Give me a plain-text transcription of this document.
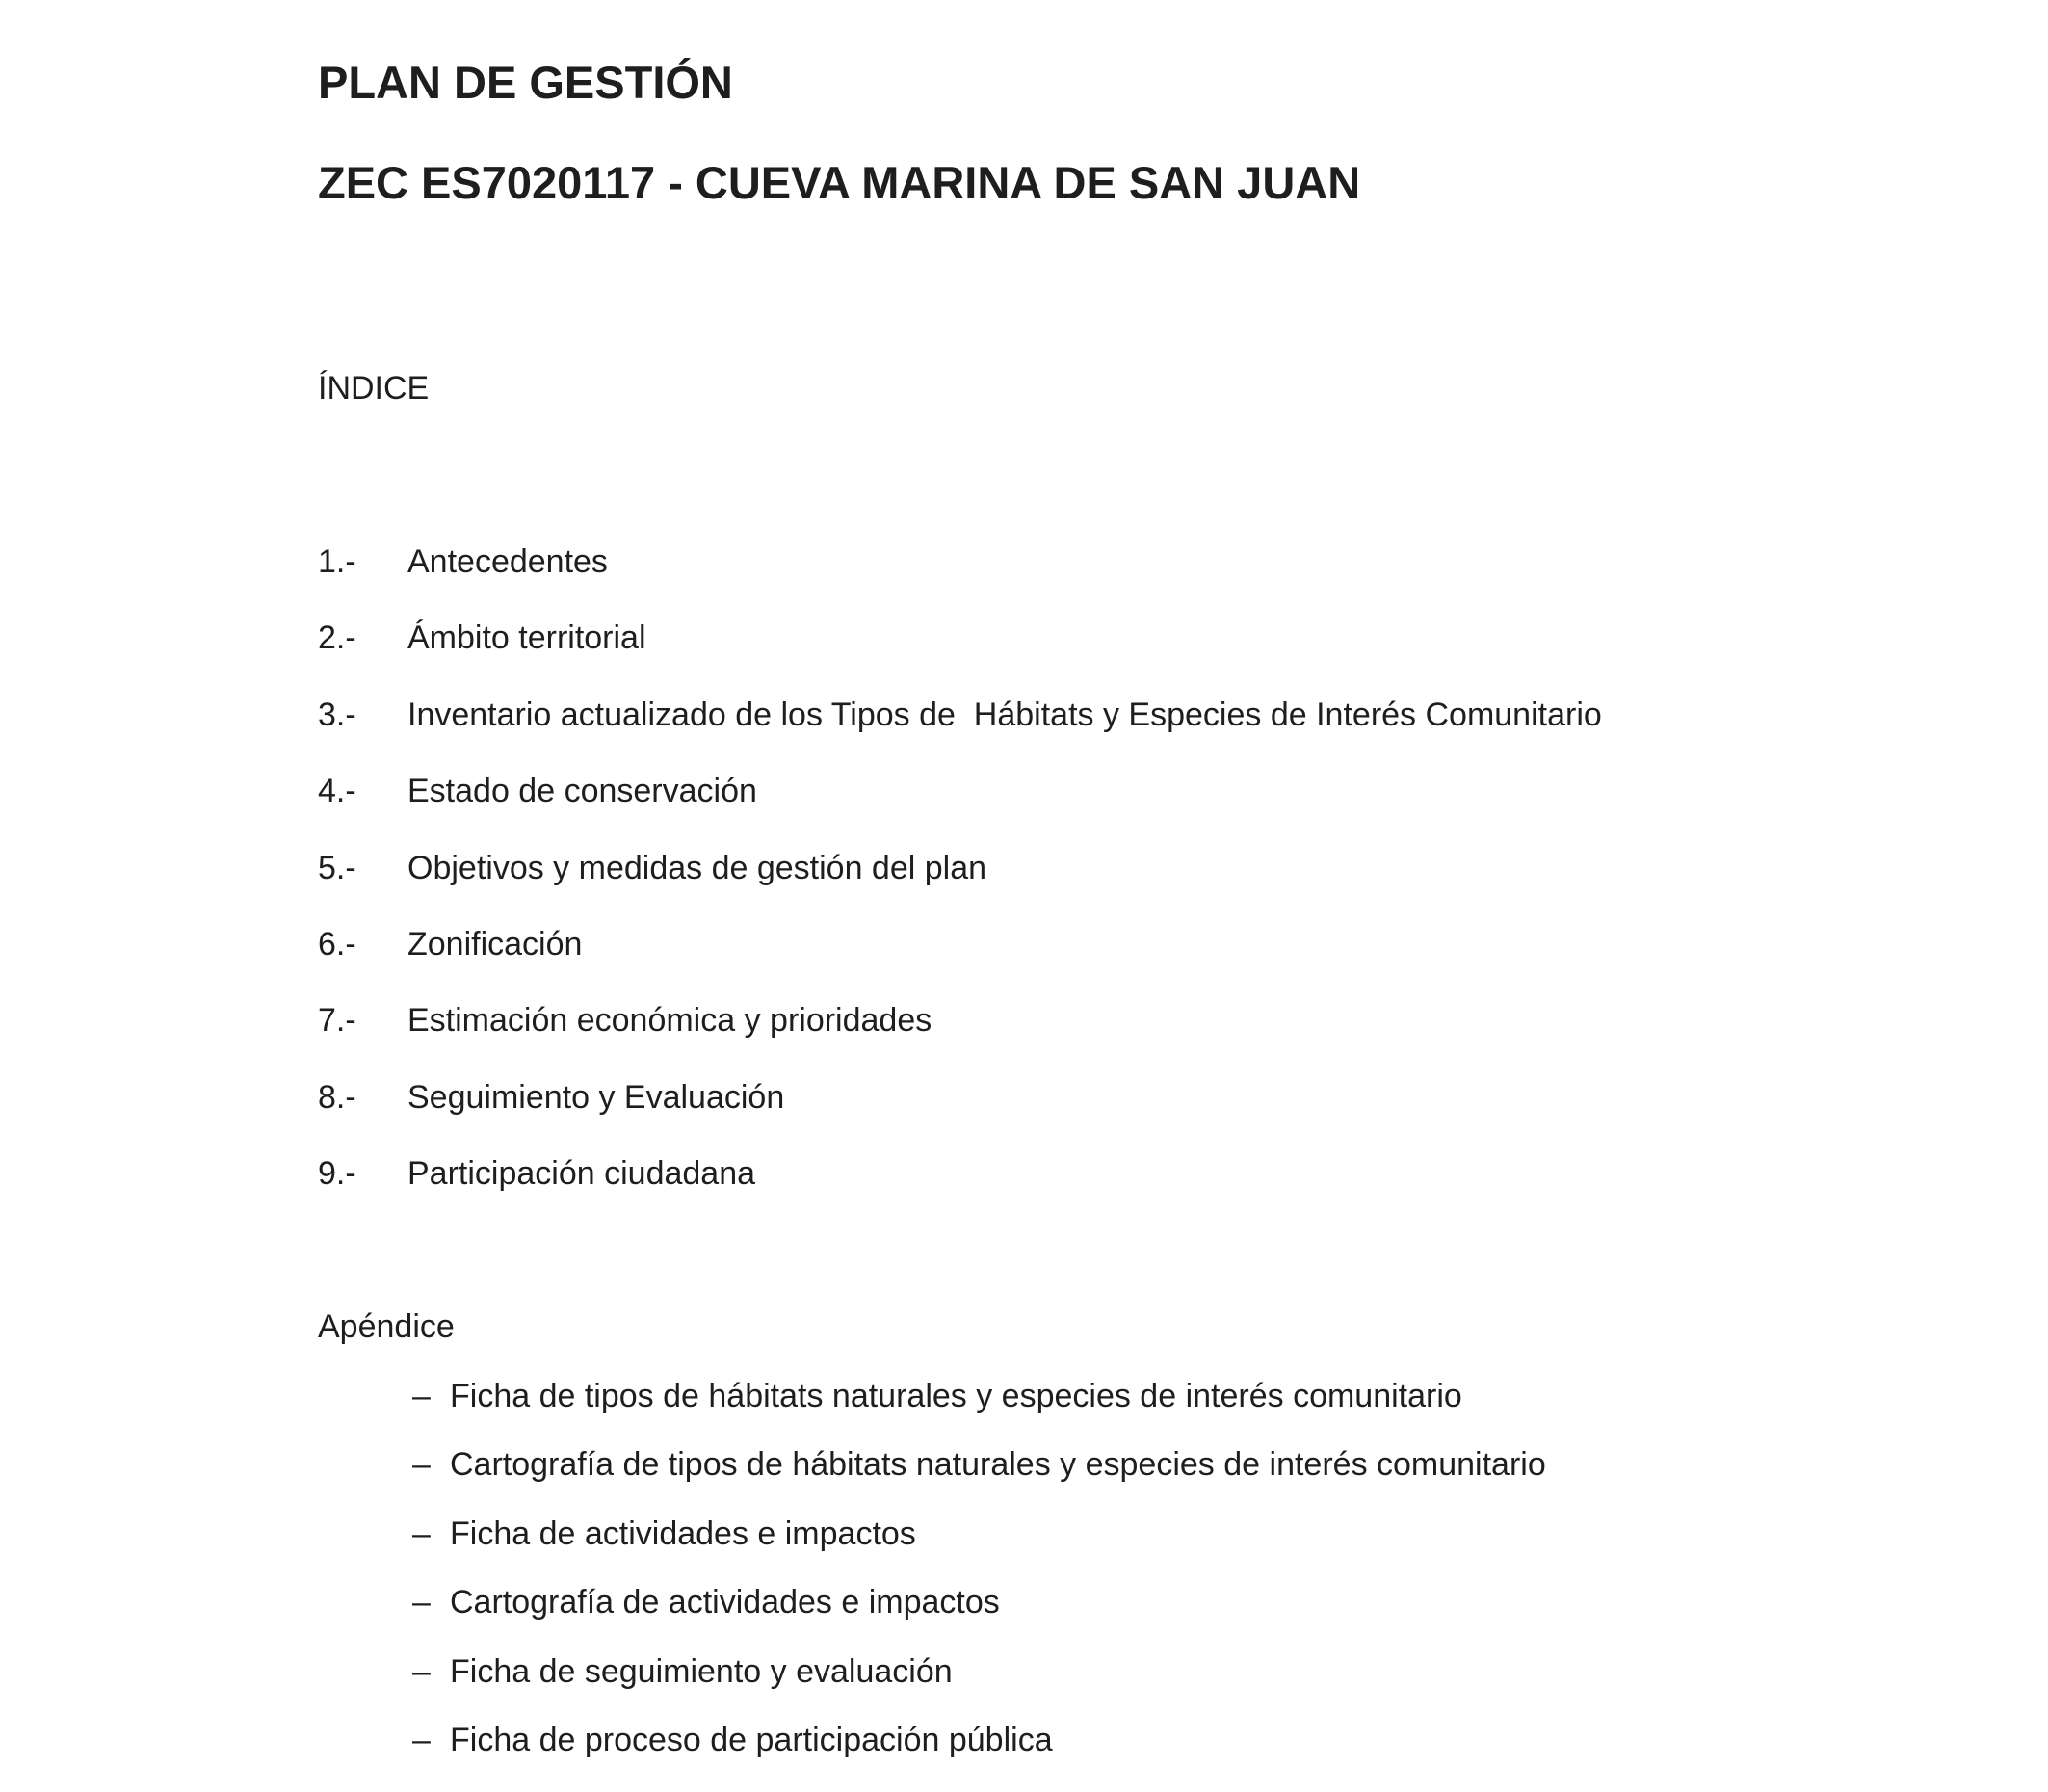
PLAN DE GESTIÓN
ZEC ES7020117 - CUEVA MARINA DE SAN JUAN
ÍNDICE
1.-	Antecedentes
2.-	Ámbito territorial
3.-	Inventario actualizado de los Tipos de  Hábitats y Especies de Interés Comunitario
4.-	Estado de conservación
5.-	Objetivos y medidas de gestión del plan
6.-	Zonificación
7.-	Estimación económica y prioridades
8.-	Seguimiento y Evaluación
9.-	Participación ciudadana
Apéndice
– Ficha de tipos de hábitats naturales y especies de interés comunitario
– Cartografía de tipos de hábitats naturales y especies de interés comunitario
– Ficha de actividades e impactos
– Cartografía de actividades e impactos
– Ficha de seguimiento y evaluación
– Ficha de proceso de participación pública
